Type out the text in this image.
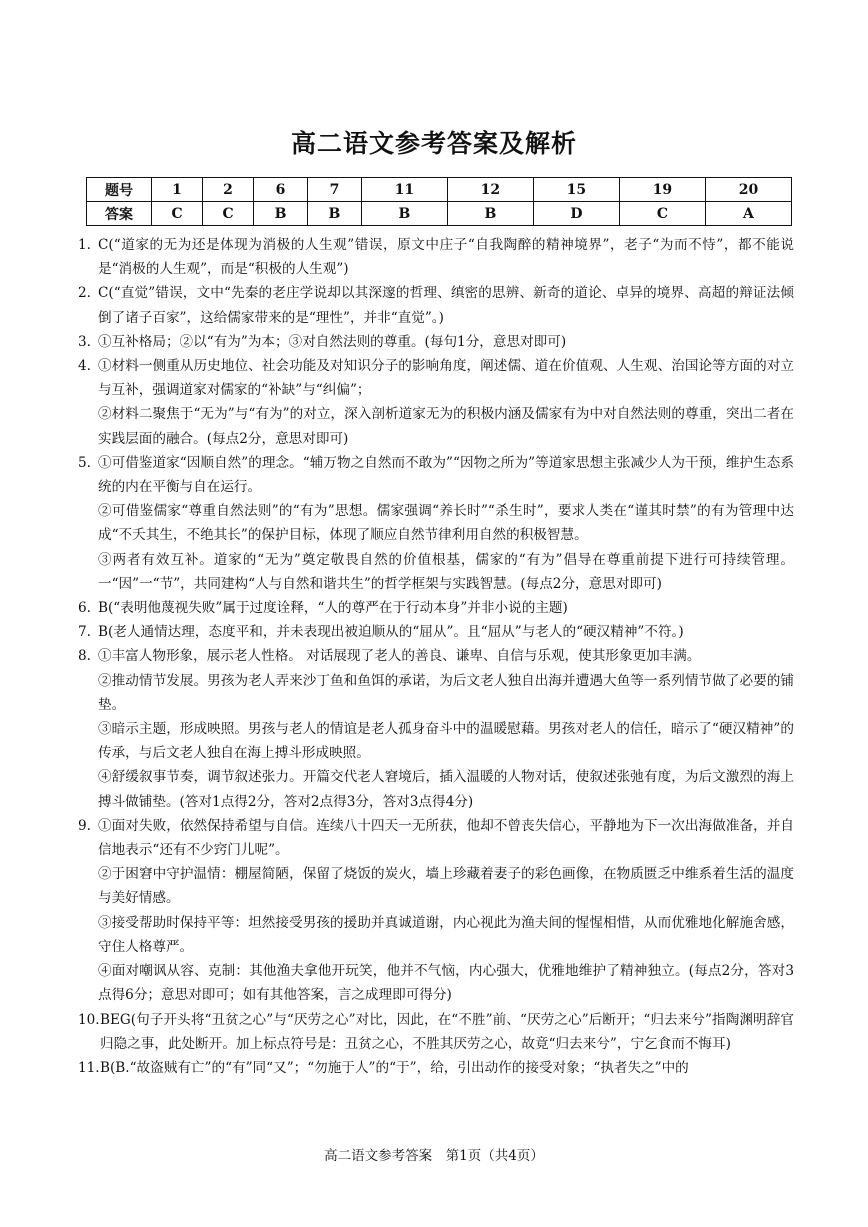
高二语文参考答案及解析
题号	1	2	6	7	11	12	15	19	20
答案	C	C	B	B	B	B	D	C	A
1. C(“道家的无为还是体现为消极的人生观”错误，原文中庄子“自我陶醉的精神境界”，老子“为而不恃”，都不能说是“消极的人生观”，而是“积极的人生观”)
2. C(“直觉”错误，文中“先秦的老庄学说却以其深邃的哲理、缜密的思辨、新奇的道论、卓异的境界、高超的辩证法倾倒了诸子百家”，这给儒家带来的是“理性”，并非“直觉”。)
3. ①互补格局；②以“有为”为本；③对自然法则的尊重。(每句1分，意思对即可)
4. ①材料一侧重从历史地位、社会功能及对知识分子的影响角度，阐述儒、道在价值观、人生观、治国论等方面的对立与互补，强调道家对儒家的“补缺”与“纠偏”；
②材料二聚焦于“无为”与“有为”的对立，深入剖析道家无为的积极内涵及儒家有为中对自然法则的尊重，突出二者在实践层面的融合。(每点2分，意思对即可)
5. ①可借鉴道家“因顺自然”的理念。“辅万物之自然而不敢为”“因物之所为”等道家思想主张减少人为干预，维护生态系统的内在平衡与自在运行。
②可借鉴儒家“尊重自然法则”的“有为”思想。儒家强调“养长时”“杀生时”，要求人类在“谨其时禁”的有为管理中达成“不夭其生，不绝其长”的保护目标，体现了顺应自然节律利用自然的积极智慧。
③两者有效互补。道家的“无为”奠定敬畏自然的价值根基，儒家的“有为”倡导在尊重前提下进行可持续管理。一“因”一“节”，共同建构“人与自然和谐共生”的哲学框架与实践智慧。(每点2分，意思对即可)
6. B(“表明他蔑视失败”属于过度诠释，“人的尊严在于行动本身”并非小说的主题)
7. B(老人通情达理，态度平和，并未表现出被迫顺从的“屈从”。且“屈从”与老人的“硬汉精神”不符。)
8. ①丰富人物形象，展示老人性格。 对话展现了老人的善良、谦卑、自信与乐观，使其形象更加丰满。
②推动情节发展。男孩为老人弄来沙丁鱼和鱼饵的承诺，为后文老人独自出海并遭遇大鱼等一系列情节做了必要的铺垫。
③暗示主题，形成映照。男孩与老人的情谊是老人孤身奋斗中的温暖慰藉。男孩对老人的信任，暗示了“硬汉精神”的传承，与后文老人独自在海上搏斗形成映照。
④舒缓叙事节奏，调节叙述张力。开篇交代老人窘境后，插入温暖的人物对话，使叙述张弛有度，为后文激烈的海上搏斗做铺垫。(答对1点得2分，答对2点得3分，答对3点得4分)
9. ①面对失败，依然保持希望与自信。连续八十四天一无所获，他却不曾丧失信心，平静地为下一次出海做准备，并自信地表示“还有不少窍门儿呢”。
②于困窘中守护温情：棚屋简陋，保留了烧饭的炭火，墙上珍藏着妻子的彩色画像，在物质匮乏中维系着生活的温度与美好情感。
③接受帮助时保持平等：坦然接受男孩的援助并真诚道谢，内心视此为渔夫间的惺惺相惜，从而优雅地化解施舍感，守住人格尊严。
④面对嘲讽从容、克制：其他渔夫拿他开玩笑，他并不气恼，内心强大，优雅地维护了精神独立。(每点2分，答对3点得6分；意思对即可；如有其他答案，言之成理即可得分)
10. BEG(句子开头将“丑贫之心”与“厌劳之心”对比，因此，在“不胜”前、“厌劳之心”后断开；“归去来兮”指陶渊明辞官归隐之事，此处断开。加上标点符号是：丑贫之心，不胜其厌劳之心，故竟“归去来兮”，宁乞食而不悔耳)
11. B(B.“故盗贼有亡”的“有”同“又”；“勿施于人”的“于”，给，引出动作的接受对象；“执者失之”中的
高二语文参考答案　第1页（共4页）
